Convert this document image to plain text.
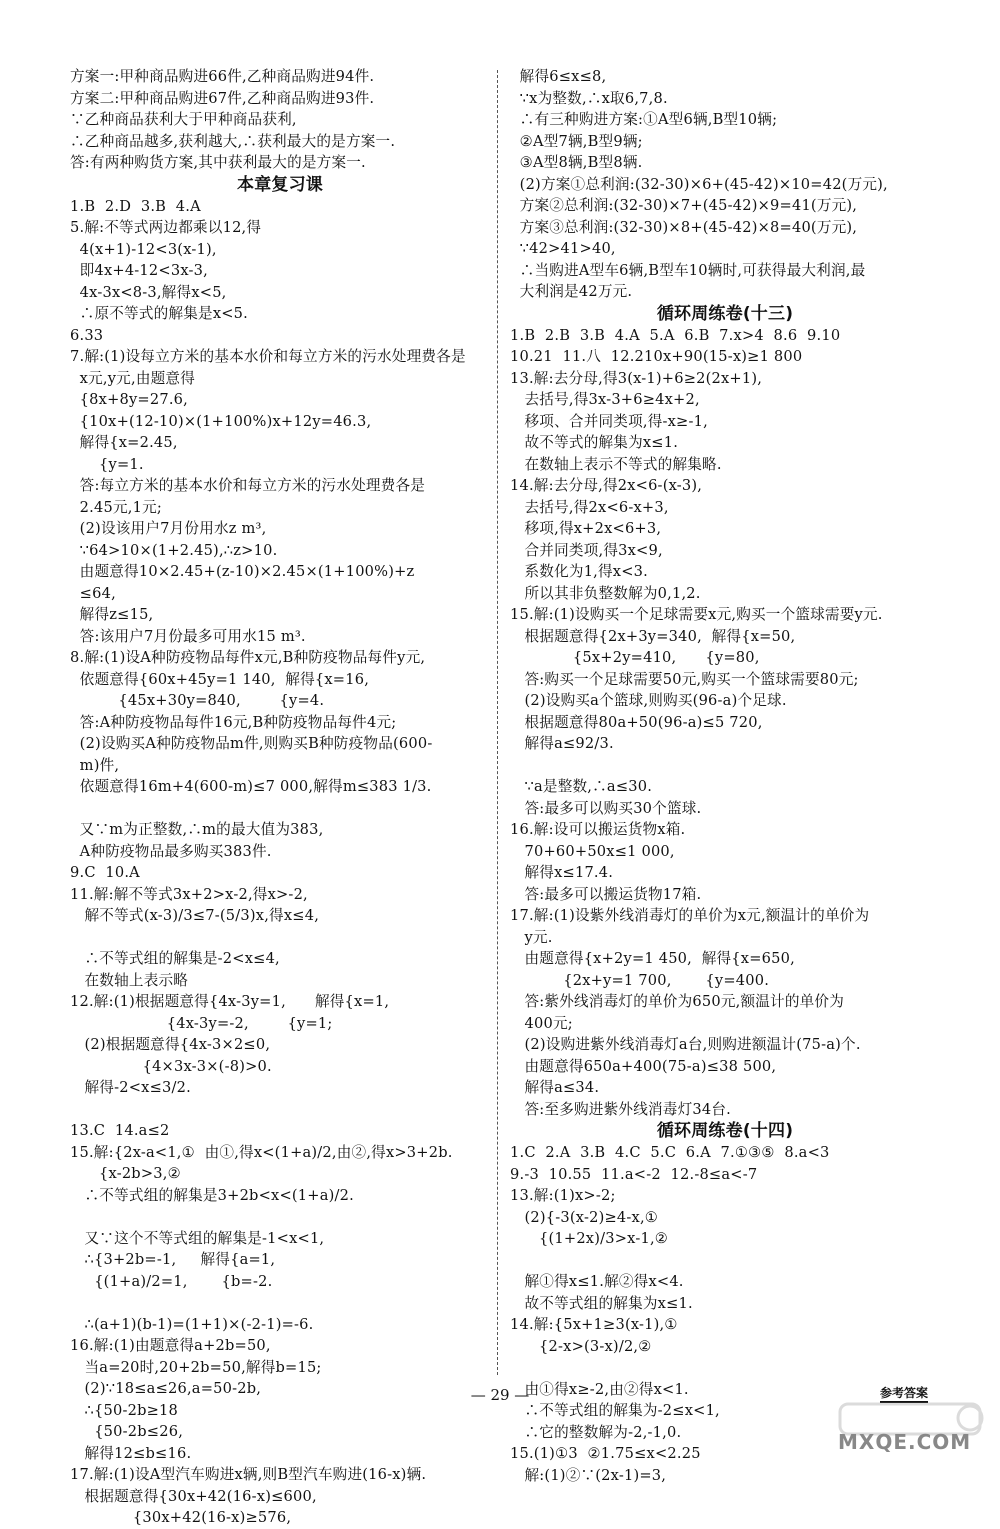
方案一:甲种商品购进66件,乙种商品购进94件.
方案二:甲种商品购进67件,乙种商品购进93件.
∵乙种商品获利大于甲种商品获利,
∴乙种商品越多,获利越大,∴获利最大的是方案一.
答:有两种购货方案,其中获利最大的是方案一.
本章复习课
1.B  2.D  3.B  4.A
5.解:不等式两边都乘以12,得
4(x+1)-12<3(x-1),
即4x+4-12<3x-3,
4x-3x<8-3,解得x<5,
∴原不等式的解集是x<5.
6.33
7.解:(1)设每立方米的基本水价和每立方米的污水处理费各是
x元,y元,由题意得
{8x+8y=27.6,
{10x+(12-10)×(1+100%)x+12y=46.3,
解得{x=2.45,
{y=1.
答:每立方米的基本水价和每立方米的污水处理费各是
2.45元,1元;
(2)设该用户7月份用水z m³,
∵64>10×(1+2.45),∴z>10.
由题意得10×2.45+(z-10)×2.45×(1+100%)+z
≤64,
解得z≤15,
答:该用户7月份最多可用水15 m³.
8.解:(1)设A种防疫物品每件x元,B种防疫物品每件y元,
依题意得{60x+45y=1 140,  解得{x=16,
{45x+30y=840,        {y=4.
答:A种防疫物品每件16元,B种防疫物品每件4元;
(2)设购买A种防疫物品m件,则购买B种防疫物品(600-
m)件,
依题意得16m+4(600-m)≤7 000,解得m≤383 1/3.
又∵m为正整数,∴m的最大值为383,
A种防疫物品最多购买383件.
9.C  10.A
11.解:解不等式3x+2>x-2,得x>-2,
解不等式(x-3)/3≤7-(5/3)x,得x≤4,
∴不等式组的解集是-2<x≤4,
在数轴上表示略
12.解:(1)根据题意得{4x-3y=1,      解得{x=1,
{4x-3y=-2,        {y=1;
(2)根据题意得{4x-3×2≤0,
{4×3x-3×(-8)>0.
解得-2<x≤3/2.
13.C  14.a≤2
15.解:{2x-a<1,①  由①,得x<(1+a)/2,由②,得x>3+2b.
{x-2b>3,②
∴不等式组的解集是3+2b<x<(1+a)/2.
又∵这个不等式组的解集是-1<x<1,
∴{3+2b=-1,     解得{a=1,
{(1+a)/2=1,       {b=-2.
∴(a+1)(b-1)=(1+1)×(-2-1)=-6.
16.解:(1)由题意得a+2b=50,
当a=20时,20+2b=50,解得b=15;
(2)∵18≤a≤26,a=50-2b,
∴{50-2b≥18
{50-2b≤26,
解得12≤b≤16.
17.解:(1)设A型汽车购进x辆,则B型汽车购进(16-x)辆.
根据题意得{30x+42(16-x)≤600,
{30x+42(16-x)≥576,
解得6≤x≤8,
∵x为整数,∴x取6,7,8.
∴有三种购进方案:①A型6辆,B型10辆;
②A型7辆,B型9辆;
③A型8辆,B型8辆.
(2)方案①总利润:(32-30)×6+(45-42)×10=42(万元),
方案②总利润:(32-30)×7+(45-42)×9=41(万元),
方案③总利润:(32-30)×8+(45-42)×8=40(万元),
∵42>41>40,
∴当购进A型车6辆,B型车10辆时,可获得最大利润,最
大利润是42万元.
循环周练卷(十三)
1.B  2.B  3.B  4.A  5.A  6.B  7.x>4  8.6  9.10
10.21  11.八  12.210x+90(15-x)≥1 800
13.解:去分母,得3(x-1)+6≥2(2x+1),
去括号,得3x-3+6≥4x+2,
移项、合并同类项,得-x≥-1,
故不等式的解集为x≤1.
在数轴上表示不等式的解集略.
14.解:去分母,得2x<6-(x-3),
去括号,得2x<6-x+3,
移项,得x+2x<6+3,
合并同类项,得3x<9,
系数化为1,得x<3.
所以其非负整数解为0,1,2.
15.解:(1)设购买一个足球需要x元,购买一个篮球需要y元.
根据题意得{2x+3y=340,  解得{x=50,
{5x+2y=410,      {y=80,
答:购买一个足球需要50元,购买一个篮球需要80元;
(2)设购买a个篮球,则购买(96-a)个足球.
根据题意得80a+50(96-a)≤5 720,
解得a≤92/3.
∵a是整数,∴a≤30.
答:最多可以购买30个篮球.
16.解:设可以搬运货物x箱.
70+60+50x≤1 000,
解得x≤17.4.
答:最多可以搬运货物17箱.
17.解:(1)设紫外线消毒灯的单价为x元,额温计的单价为
y元.
由题意得{x+2y=1 450,  解得{x=650,
{2x+y=1 700,       {y=400.
答:紫外线消毒灯的单价为650元,额温计的单价为
400元;
(2)设购进紫外线消毒灯a台,则购进额温计(75-a)个.
由题意得650a+400(75-a)≤38 500,
解得a≤34.
答:至多购进紫外线消毒灯34台.
循环周练卷(十四)
1.C  2.A  3.B  4.C  5.C  6.A  7.①③⑤  8.a<3
9.-3  10.55  11.a<-2  12.-8≤a<-7
13.解:(1)x>-2;
(2){-3(x-2)≥4-x,①
{(1+2x)/3>x-1,②
解①得x≤1.解②得x<4.
故不等式组的解集为x≤1.
14.解:{5x+1≥3(x-1),①
{2-x>(3-x)/2,②
由①得x≥-2,由②得x<1.
∴不等式组的解集为-2≤x<1,
∴它的整数解为-2,-1,0.
15.(1)①3  ②1.75≤x<2.25
解:(1)②∵(2x-1)=3,
— 29 —	参考答案
MXQE.COM
